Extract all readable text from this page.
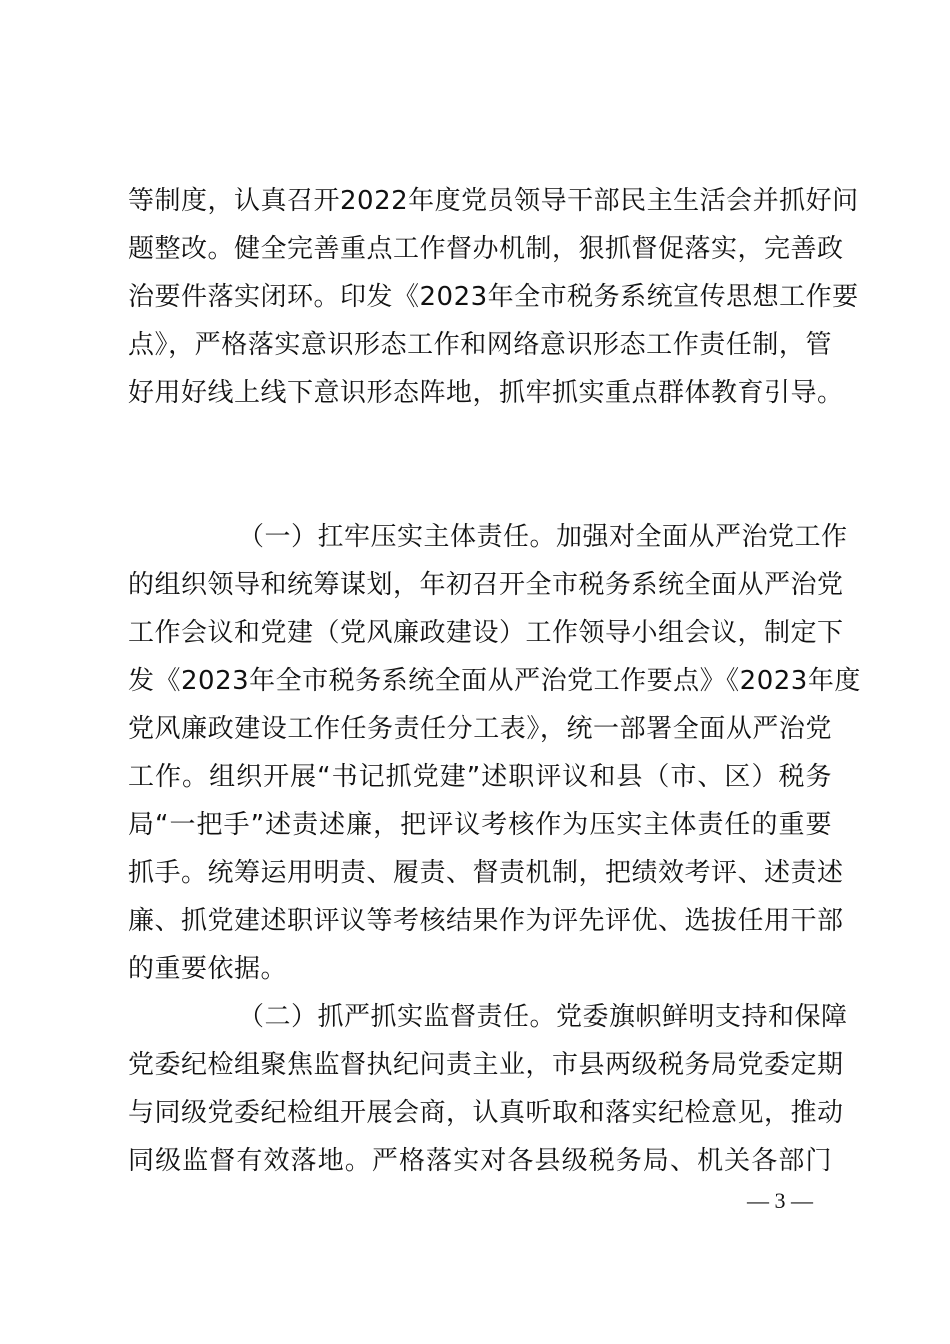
等制度，认真召开2022年度党员领导干部民主生活会并抓好问
题整改。健全完善重点工作督办机制，狠抓督促落实，完善政
治要件落实闭环。印发《2023年全市税务系统宣传思想工作要
点》，严格落实意识形态工作和网络意识形态工作责任制，管
好用好线上线下意识形态阵地，抓牢抓实重点群体教育引导。
（一）扛牢压实主体责任。加强对全面从严治党工作
的组织领导和统筹谋划，年初召开全市税务系统全面从严治党
工作会议和党建（党风廉政建设）工作领导小组会议，制定下
发《2023年全市税务系统全面从严治党工作要点》《2023年度
党风廉政建设工作任务责任分工表》，统一部署全面从严治党
工作。组织开展“书记抓党建”述职评议和县（市、区）税务
局“一把手”述责述廉，把评议考核作为压实主体责任的重要
抓手。统筹运用明责、履责、督责机制，把绩效考评、述责述
廉、抓党建述职评议等考核结果作为评先评优、选拔任用干部
的重要依据。
（二）抓严抓实监督责任。党委旗帜鲜明支持和保障
党委纪检组聚焦监督执纪问责主业，市县两级税务局党委定期
与同级党委纪检组开展会商，认真听取和落实纪检意见，推动
同级监督有效落地。严格落实对各县级税务局、机关各部门
— 3 —
